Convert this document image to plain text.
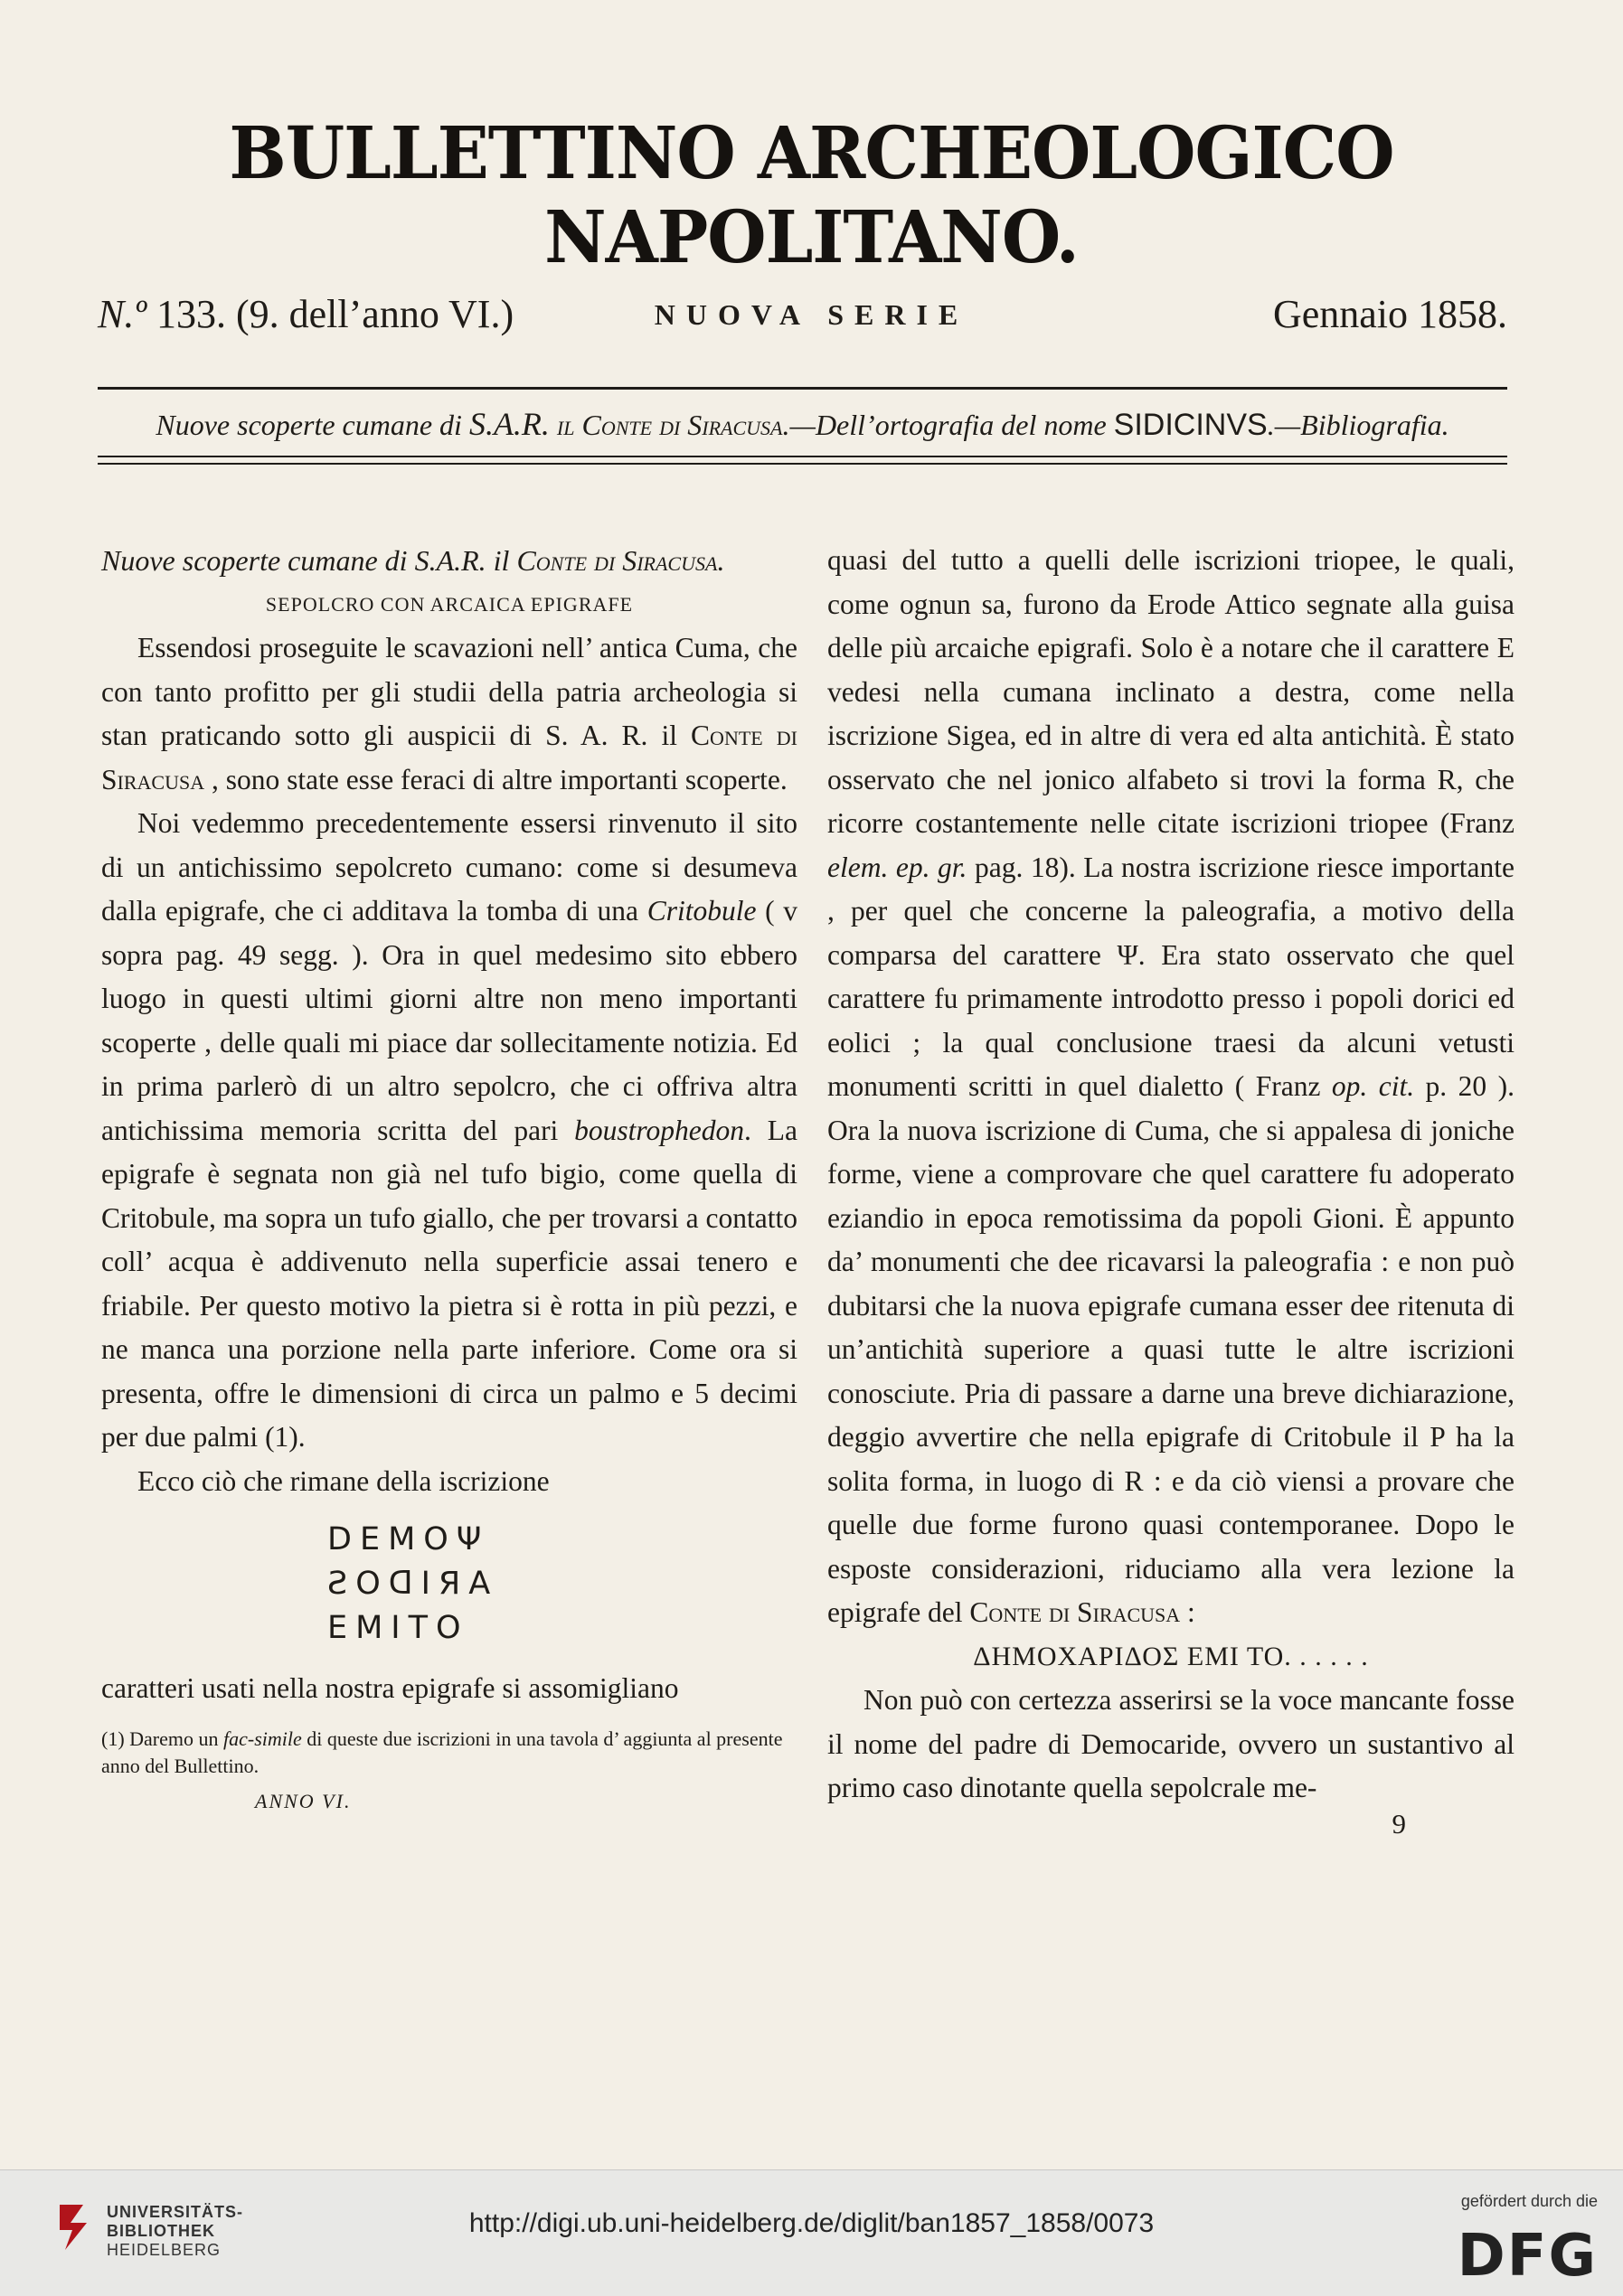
BULLETTINO ARCHEOLOGICO NAPOLITANO.
NUOVA SERIE
N.º 133. (9. dell’anno VI.)	Gennaio 1858.
Nuove scoperte cumane di S.A.R. il Conte di Siracusa.—Dell’ortografia del nome SIDICINVS.—Bibliografia.

Nuove scoperte cumane di S.A.R. il Conte di Siracusa.

SEPOLCRO CON ARCAICA EPIGRAFE

Essendosi proseguite le scavazioni nell’ antica Cuma, che con tanto profitto per gli studii della patria archeologia si stan praticando sotto gli auspicii di S. A. R. il Conte di Siracusa , sono state esse feraci di altre importanti scoperte.

Noi vedemmo precedentemente essersi rinvenuto il sito di un antichissimo sepolcreto cumano: come si desumeva dalla epigrafe, che ci additava la tomba di una Critobule ( v sopra pag. 49 segg. ). Ora in quel medesimo sito ebbero luogo in questi ultimi giorni altre non meno importanti scoperte , delle quali mi piace dar sollecitamente notizia. Ed in prima parlerò di un altro sepolcro, che ci offriva altra antichissima memoria scritta del pari boustrophedon. La epigrafe è segnata non già nel tufo bigio, come quella di Critobule, ma sopra un tufo giallo, che per trovarsi a contatto coll’ acqua è addivenuto nella superficie assai tenero e friabile. Per questo motivo la pietra si è rotta in più pezzi, e ne manca una porzione nella parte inferiore. Come ora si presenta, offre le dimensioni di circa un palmo e 5 decimi per due palmi (1).

Ecco ciò che rimane della iscrizione

DEMOΨ
ƧOᗡIЯA
EMITO

caratteri usati nella nostra epigrafe si assomigliano

(1) Daremo un fac-simile di queste due iscrizioni in una tavola d’ aggiunta al presente anno del Bullettino.
ANNO VI.

quasi del tutto a quelli delle iscrizioni triopee, le quali, come ognun sa, furono da Erode Attico segnate alla guisa delle più arcaiche epigrafi. Solo è a notare che il carattere E vedesi nella cumana inclinato a destra, come nella iscrizione Sigea, ed in altre di vera ed alta antichità. È stato osservato che nel jonico alfabeto si trovi la forma R, che ricorre costantemente nelle citate iscrizioni triopee (Franz elem. ep. gr. pag. 18). La nostra iscrizione riesce importante , per quel che concerne la paleografia, a motivo della comparsa del carattere Ψ. Era stato osservato che quel carattere fu primamente introdotto presso i popoli dorici ed eolici ; la qual conclusione traesi da alcuni vetusti monumenti scritti in quel dialetto ( Franz op. cit. p. 20 ). Ora la nuova iscrizione di Cuma, che si appalesa di joniche forme, viene a comprovare che quel carattere fu adoperato eziandio in epoca remotissima da popoli Gioni. È appunto da’ monumenti che dee ricavarsi la paleografia : e non può dubitarsi che la nuova epigrafe cumana esser dee ritenuta di un’antichità superiore a quasi tutte le altre iscrizioni conosciute. Pria di passare a darne una breve dichiarazione, deggio avvertire che nella epigrafe di Critobule il P ha la solita forma, in luogo di R : e da ciò viensi a provare che quelle due forme furono quasi contemporanee. Dopo le esposte considerazioni, riduciamo alla vera lezione la epigrafe del Conte di Siracusa :

ΔΗΜΟΧΑΡΙΔΟΣ ΕΜΙ ΤΟ. . . . . .

Non può con certezza asserirsi se la voce mancante fosse il nome del padre di Democaride, ovvero un sustantivo al primo caso dinotante quella sepolcrale me-

9
UNIVERSITÄTS-
BIBLIOTHEK
HEIDELBERG
http://digi.ub.uni-heidelberg.de/diglit/ban1857_1858/0073
gefördert durch die
DFG
